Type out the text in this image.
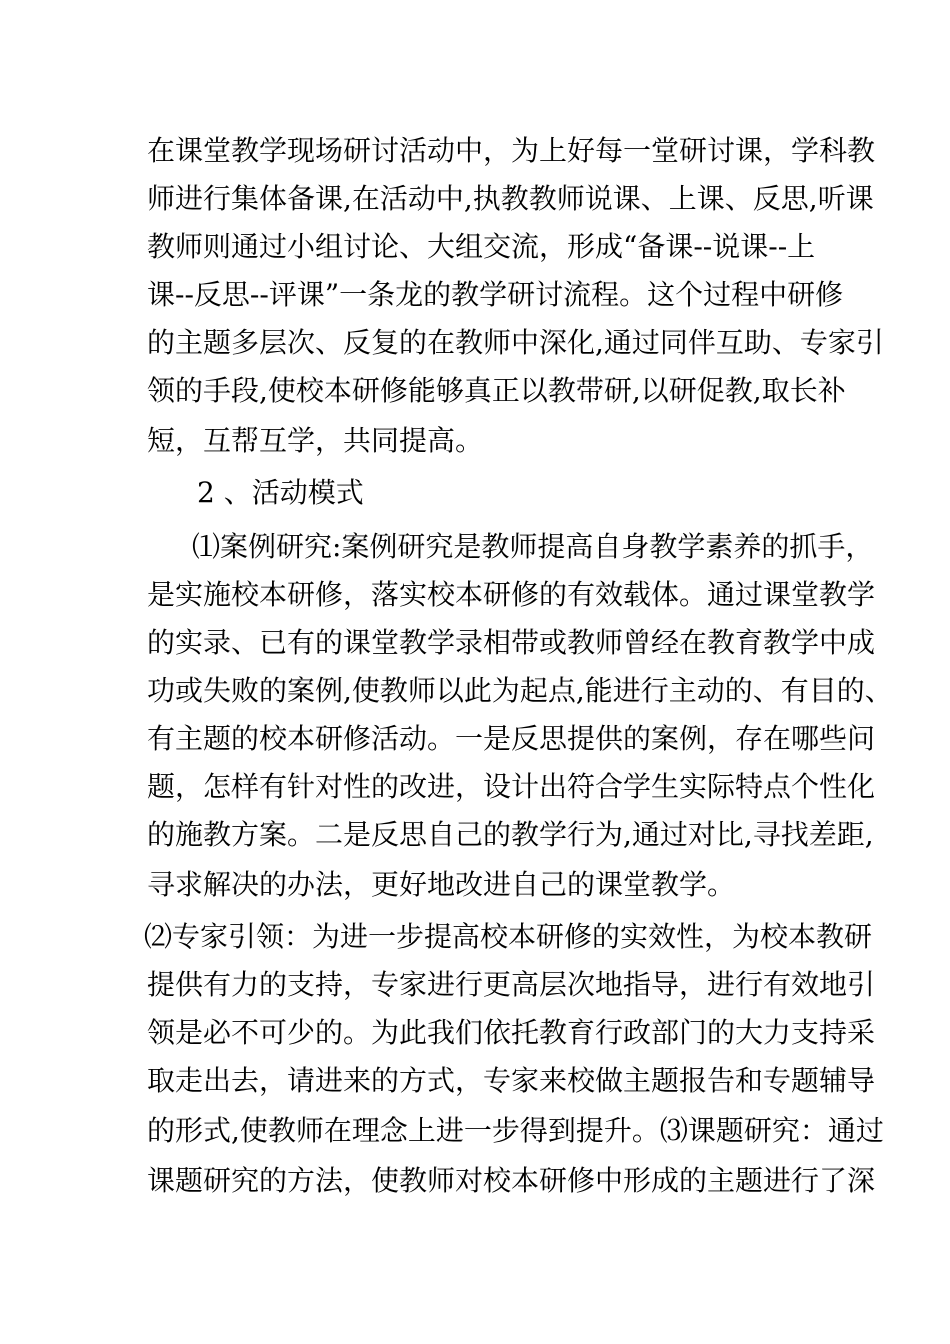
在课堂教学现场研讨活动中，为上好每一堂研讨课，学科教
师进行集体备课,在活动中,执教教师说课、上课、反思,听课
教师则通过小组讨论、大组交流，形成“备课--说课--上
课--反思--评课”一条龙的教学研讨流程。这个过程中研修
的主题多层次、反复的在教师中深化,通过同伴互助、专家引
领的手段,使校本研修能够真正以教带研,以研促教,取长补
短，互帮互学，共同提高。
2 、活动模式
⑴案例研究:案例研究是教师提高自身教学素养的抓手，
是实施校本研修，落实校本研修的有效载体。通过课堂教学
的实录、已有的课堂教学录相带或教师曾经在教育教学中成
功或失败的案例,使教师以此为起点,能进行主动的、有目的、
有主题的校本研修活动。一是反思提供的案例，存在哪些问
题，怎样有针对性的改进，设计出符合学生实际特点个性化
的施教方案。二是反思自己的教学行为,通过对比,寻找差距,
寻求解决的办法，更好地改进自己的课堂教学。
⑵专家引领：为进一步提高校本研修的实效性，为校本教研
提供有力的支持，专家进行更高层次地指导，进行有效地引
领是必不可少的。为此我们依托教育行政部门的大力支持采
取走出去，请进来的方式，专家来校做主题报告和专题辅导
的形式,使教师在理念上进一步得到提升。⑶课题研究：通过
课题研究的方法，使教师对校本研修中形成的主题进行了深
